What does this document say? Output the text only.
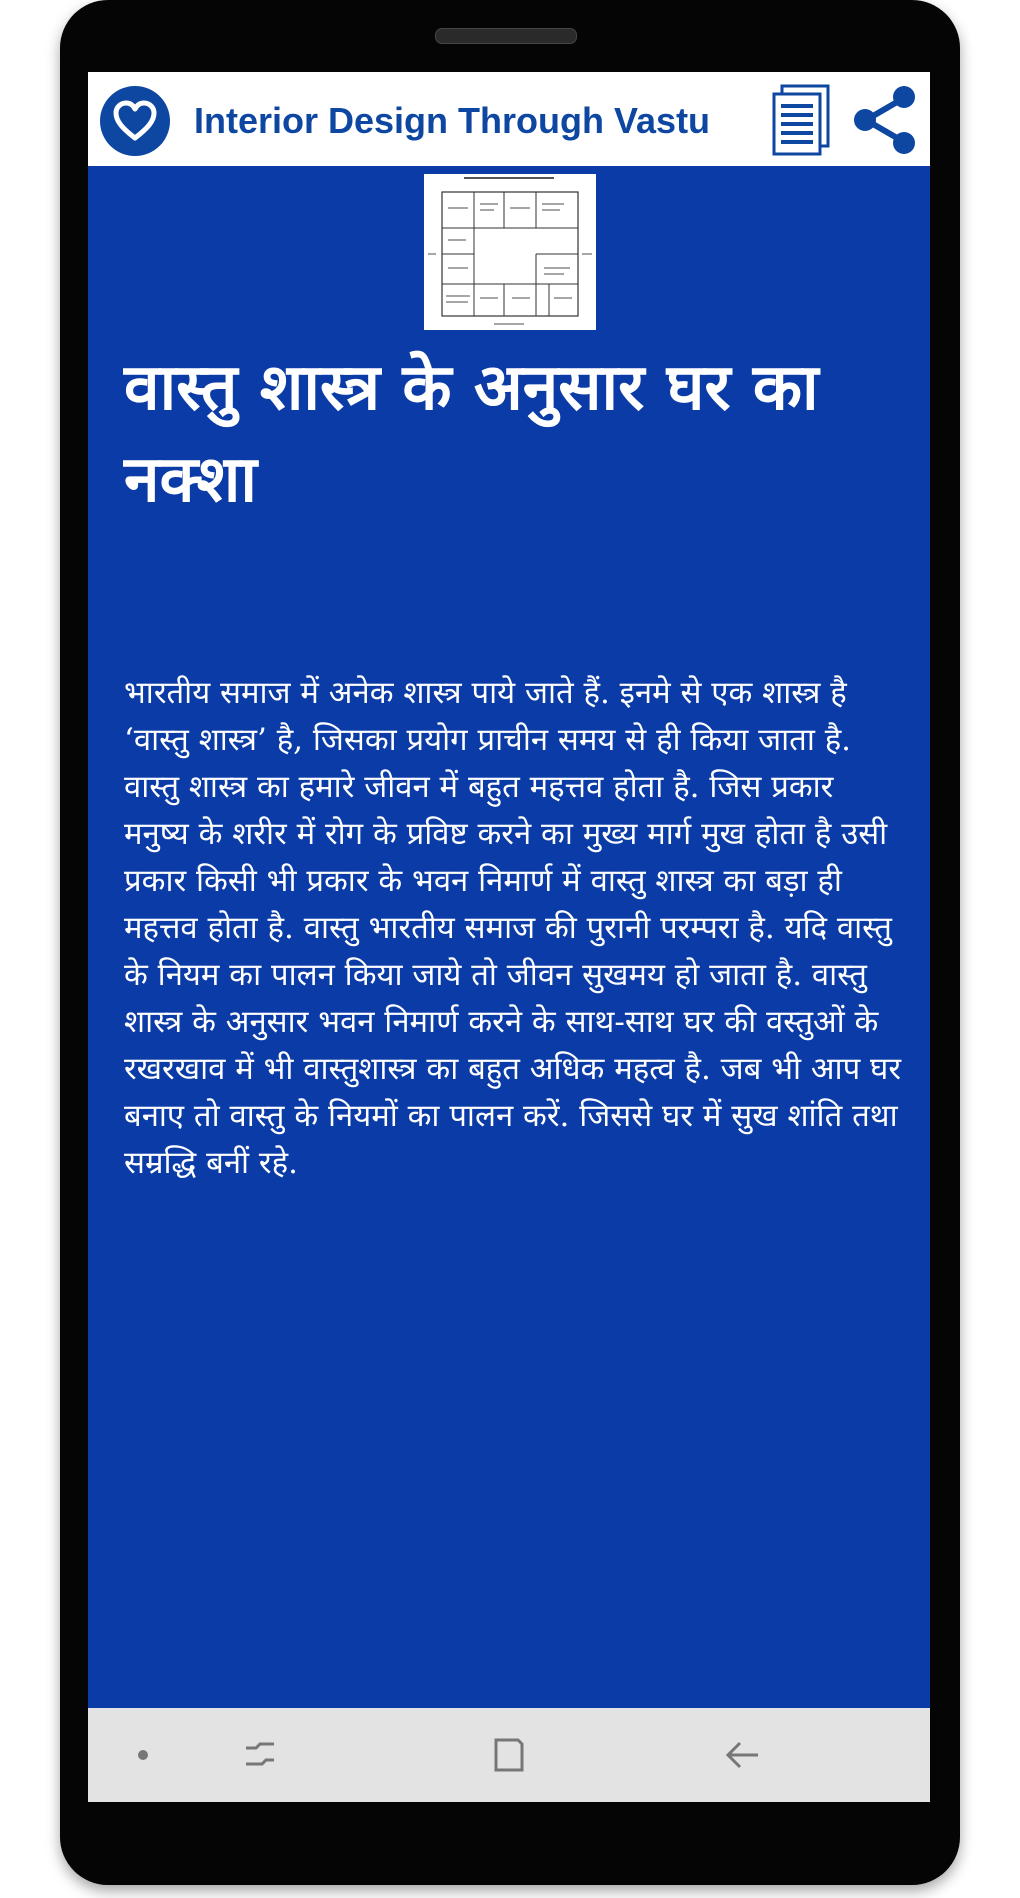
Interior Design Through Vastu
वास्तु शास्त्र के अनुसार घर का नक्शा

भारतीय समाज में अनेक शास्त्र पाये जाते हैं. इनमे से एक शास्त्र है ‘वास्तु शास्त्र’ है, जिसका प्रयोग प्राचीन समय से ही किया जाता है. वास्तु शास्त्र का हमारे जीवन में बहुत महत्तव होता है. जिस प्रकार मनुष्य के शरीर में रोग के प्रविष्ट करने का मुख्य मार्ग मुख होता है उसी प्रकार किसी भी प्रकार के भवन निमार्ण में वास्तु शास्त्र का बड़ा ही महत्तव होता है. वास्तु भारतीय समाज की पुरानी परम्परा है. यदि वास्तु के नियम का पालन किया जाये तो जीवन सुखमय हो जाता है. वास्तु शास्त्र के अनुसार भवन निमार्ण करने के साथ-साथ घर की वस्तुओं के रखरखाव में भी वास्तुशास्त्र का बहुत अधिक महत्व है. जब भी आप घर बनाए तो वास्तु के नियमों का पालन करें. जिससे घर में सुख शांति तथा सम्रद्धि बनीं रहे.
